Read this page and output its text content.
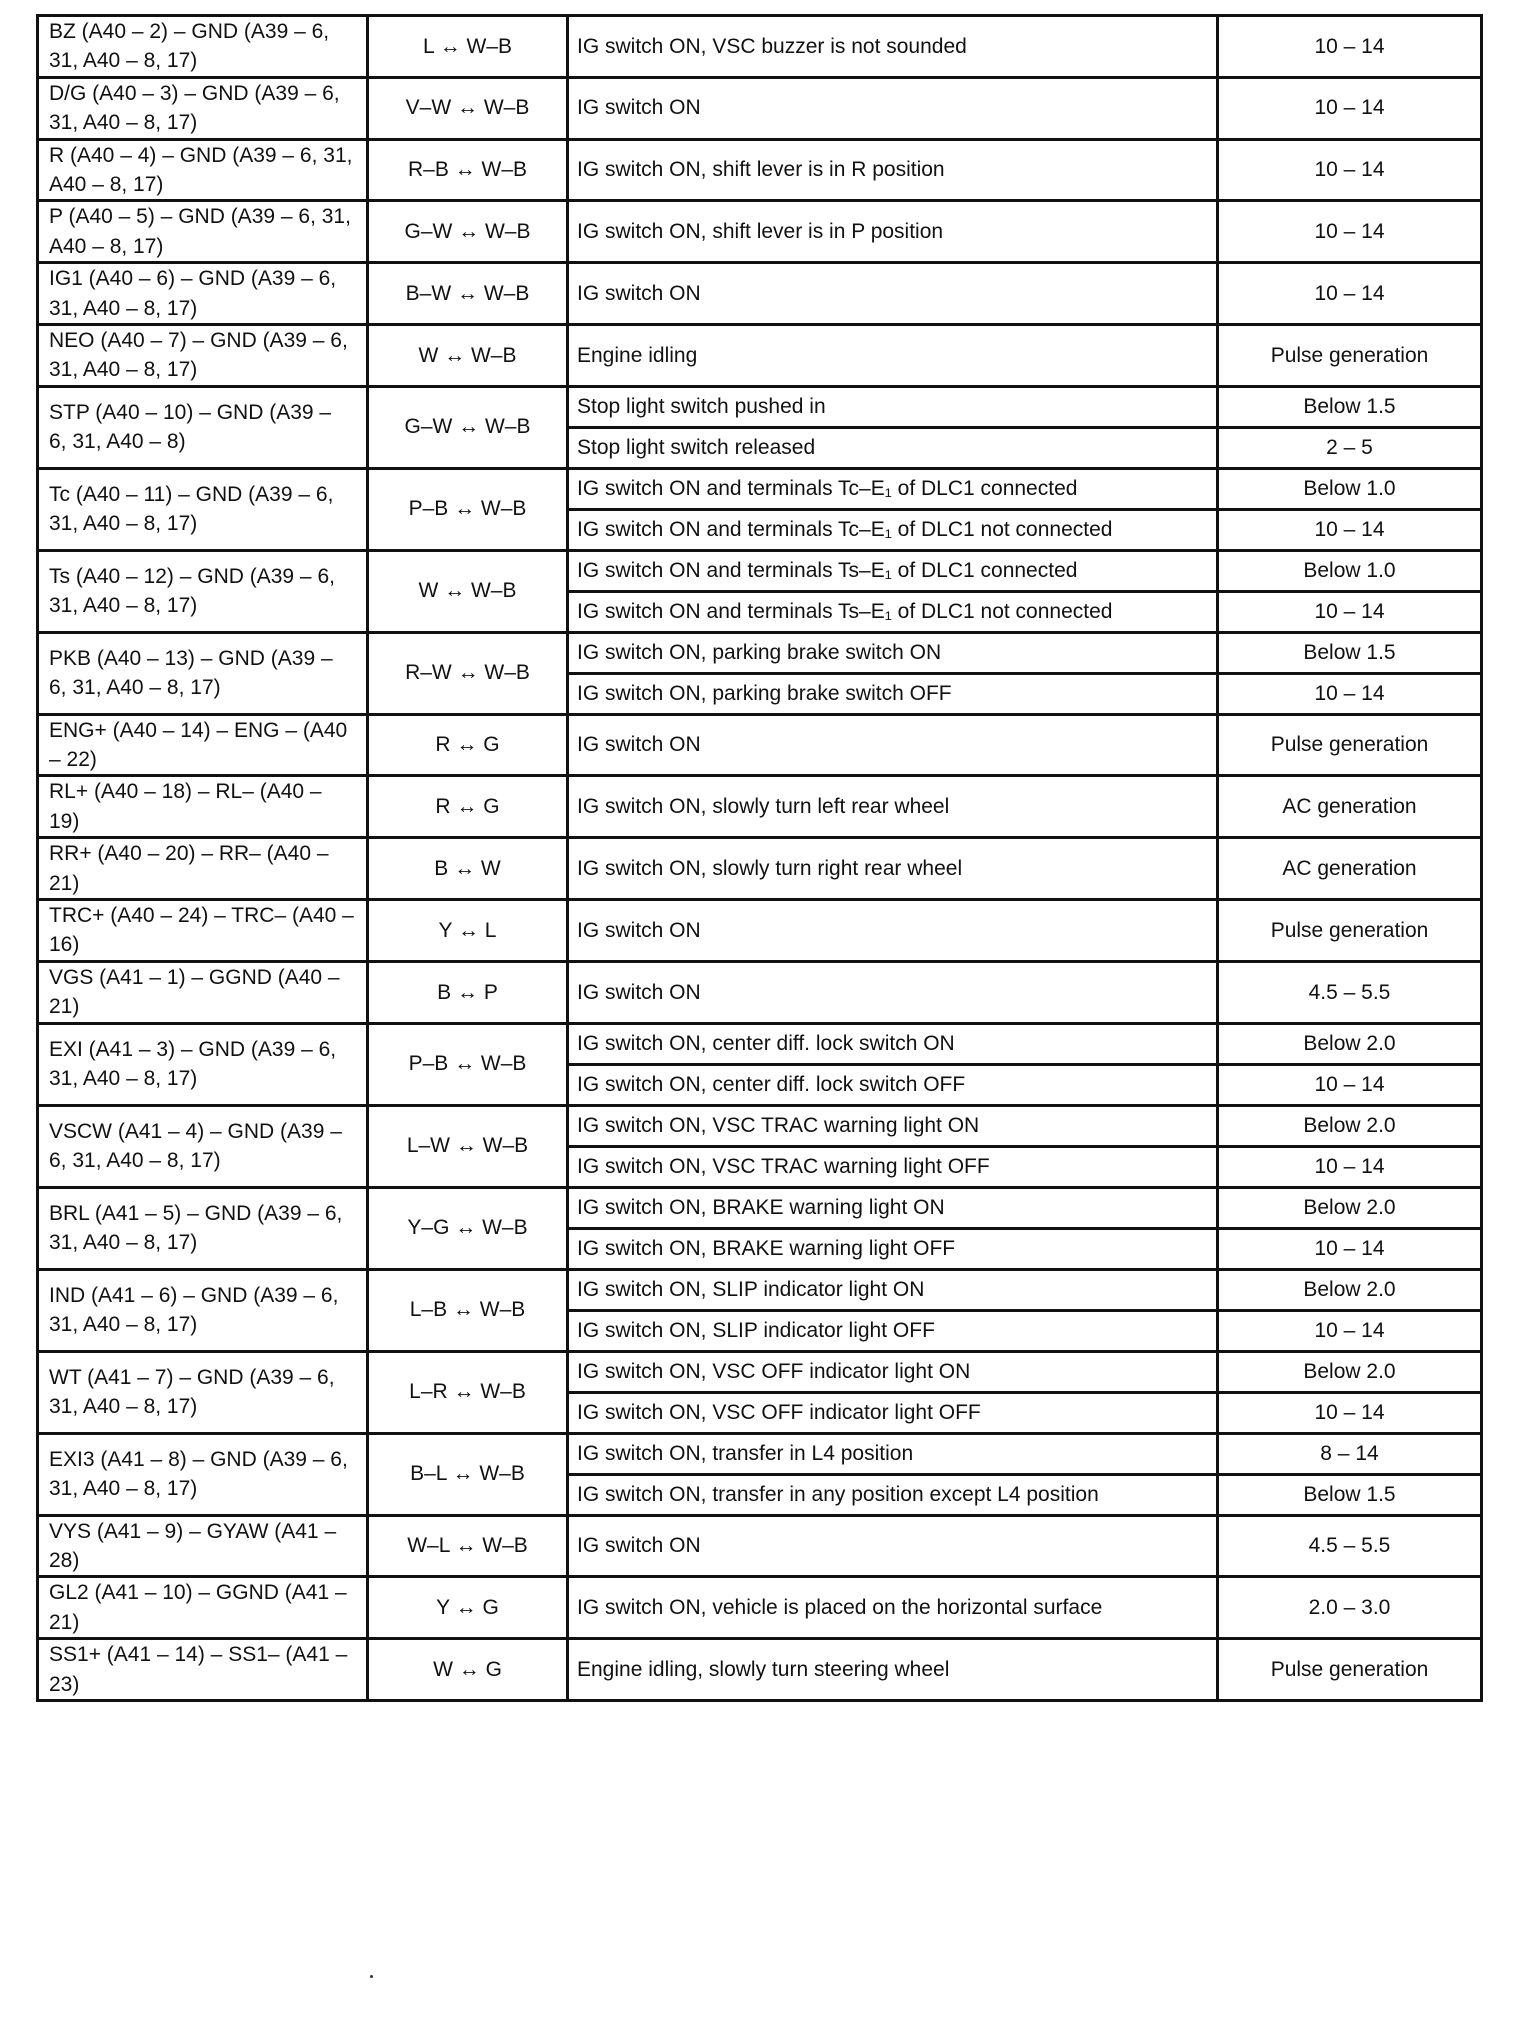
BZ (A40 – 2) – GND (A39 – 6, 31, A40 – 8, 17)	L ↔ W–B	IG switch ON, VSC buzzer is not sounded	10 – 14
D/G (A40 – 3) – GND (A39 – 6, 31, A40 – 8, 17)	V–W ↔ W–B	IG switch ON	10 – 14
R (A40 – 4) – GND (A39 – 6, 31, A40 – 8, 17)	R–B ↔ W–B	IG switch ON, shift lever is in R position	10 – 14
P (A40 – 5) – GND (A39 – 6, 31, A40 – 8, 17)	G–W ↔ W–B	IG switch ON, shift lever is in P position	10 – 14
IG1 (A40 – 6) – GND (A39 – 6, 31, A40 – 8, 17)	B–W ↔ W–B	IG switch ON	10 – 14
NEO (A40 – 7) – GND (A39 – 6, 31, A40 – 8, 17)	W ↔ W–B	Engine idling	Pulse generation
STP (A40 – 10) – GND (A39 – 6, 31, A40 – 8)	G–W ↔ W–B	Stop light switch pushed in	Below 1.5
		Stop light switch released	2 – 5
Tc (A40 – 11) – GND (A39 – 6, 31, A40 – 8, 17)	P–B ↔ W–B	IG switch ON and terminals Tc–E₁ of DLC1 connected	Below 1.0
		IG switch ON and terminals Tc–E₁ of DLC1 not connected	10 – 14
Ts (A40 – 12) – GND (A39 – 6, 31, A40 – 8, 17)	W ↔ W–B	IG switch ON and terminals Ts–E₁ of DLC1 connected	Below 1.0
		IG switch ON and terminals Ts–E₁ of DLC1 not connected	10 – 14
PKB (A40 – 13) – GND (A39 – 6, 31, A40 – 8, 17)	R–W ↔ W–B	IG switch ON, parking brake switch ON	Below 1.5
		IG switch ON, parking brake switch OFF	10 – 14
ENG+ (A40 – 14) – ENG – (A40 – 22)	R ↔ G	IG switch ON	Pulse generation
RL+ (A40 – 18) – RL– (A40 – 19)	R ↔ G	IG switch ON, slowly turn left rear wheel	AC generation
RR+ (A40 – 20) – RR– (A40 – 21)	B ↔ W	IG switch ON, slowly turn right rear wheel	AC generation
TRC+ (A40 – 24) – TRC– (A40 – 16)	Y ↔ L	IG switch ON	Pulse generation
VGS (A41 – 1) – GGND (A40 – 21)	B ↔ P	IG switch ON	4.5 – 5.5
EXI (A41 – 3) – GND (A39 – 6, 31, A40 – 8, 17)	P–B ↔ W–B	IG switch ON, center diff. lock switch ON	Below 2.0
		IG switch ON, center diff. lock switch OFF	10 – 14
VSCW (A41 – 4) – GND (A39 – 6, 31, A40 – 8, 17)	L–W ↔ W–B	IG switch ON, VSC TRAC warning light ON	Below 2.0
		IG switch ON, VSC TRAC warning light OFF	10 – 14
BRL (A41 – 5) – GND (A39 – 6, 31, A40 – 8, 17)	Y–G ↔ W–B	IG switch ON, BRAKE warning light ON	Below 2.0
		IG switch ON, BRAKE warning light OFF	10 – 14
IND (A41 – 6) – GND (A39 – 6, 31, A40 – 8, 17)	L–B ↔ W–B	IG switch ON, SLIP indicator light ON	Below 2.0
		IG switch ON, SLIP indicator light OFF	10 – 14
WT (A41 – 7) – GND (A39 – 6, 31, A40 – 8, 17)	L–R ↔ W–B	IG switch ON, VSC OFF indicator light ON	Below 2.0
		IG switch ON, VSC OFF indicator light OFF	10 – 14
EXI3 (A41 – 8) – GND (A39 – 6, 31, A40 – 8, 17)	B–L ↔ W–B	IG switch ON, transfer in L4 position	8 – 14
		IG switch ON, transfer in any position except L4 position	Below 1.5
VYS (A41 – 9) – GYAW (A41 – 28)	W–L ↔ W–B	IG switch ON	4.5 – 5.5
GL2 (A41 – 10) – GGND (A41 – 21)	Y ↔ G	IG switch ON, vehicle is placed on the horizontal surface	2.0 – 3.0
SS1+ (A41 – 14) – SS1– (A41 – 23)	W ↔ G	Engine idling, slowly turn steering wheel	Pulse generation
